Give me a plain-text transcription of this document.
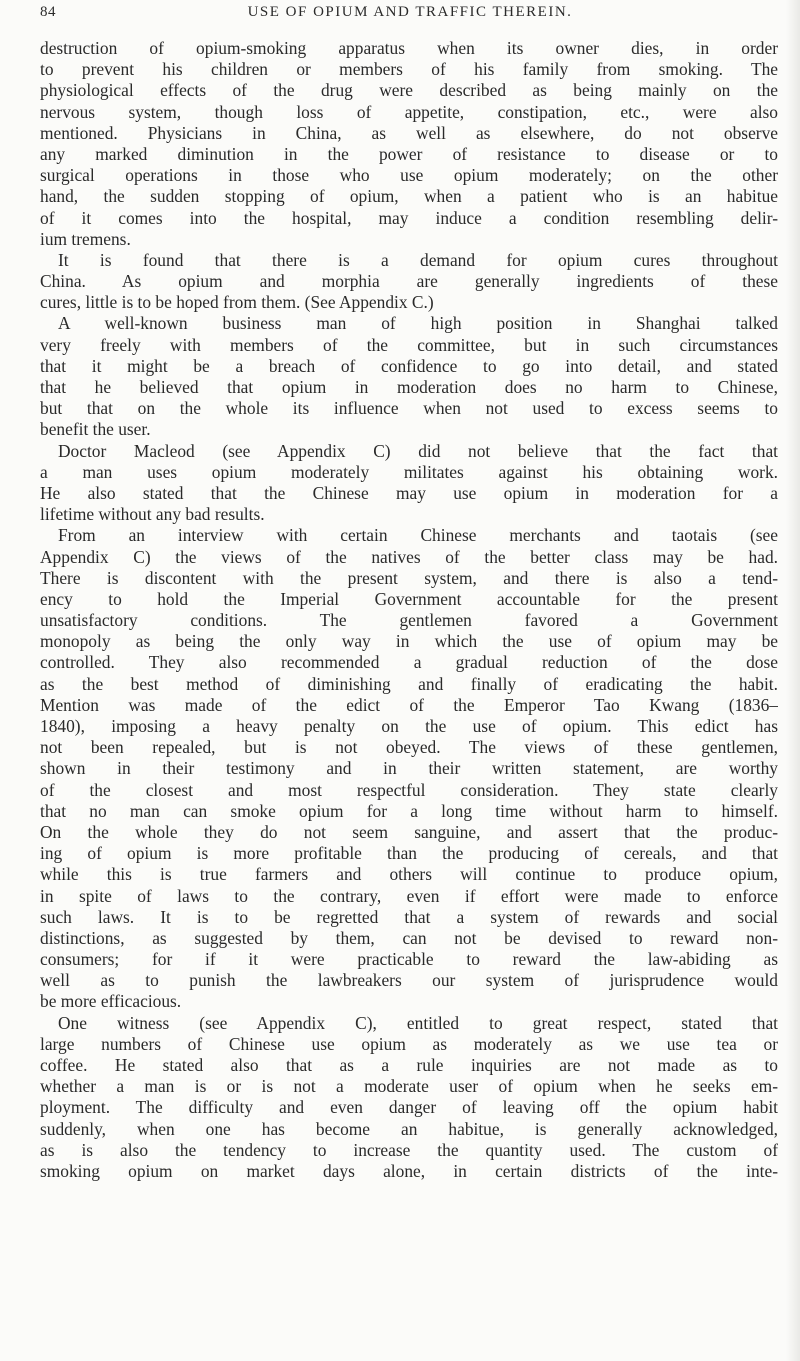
84	USE OF OPIUM AND TRAFFIC THEREIN.
destruction of opium-smoking apparatus when its owner dies, in order
to prevent his children or members of his family from smoking. The
physiological effects of the drug were described as being mainly on the
nervous system, though loss of appetite, constipation, etc., were also
mentioned. Physicians in China, as well as elsewhere, do not observe
any marked diminution in the power of resistance to disease or to
surgical operations in those who use opium moderately; on the other
hand, the sudden stopping of opium, when a patient who is an habitue
of it comes into the hospital, may induce a condition resembling delir-
ium tremens.
It is found that there is a demand for opium cures throughout
China. As opium and morphia are generally ingredients of these
cures, little is to be hoped from them. (See Appendix C.)
A well-known business man of high position in Shanghai talked
very freely with members of the committee, but in such circumstances
that it might be a breach of confidence to go into detail, and stated
that he believed that opium in moderation does no harm to Chinese,
but that on the whole its influence when not used to excess seems to
benefit the user.
Doctor Macleod (see Appendix C) did not believe that the fact that
a man uses opium moderately militates against his obtaining work.
He also stated that the Chinese may use opium in moderation for a
lifetime without any bad results.
From an interview with certain Chinese merchants and taotais (see
Appendix C) the views of the natives of the better class may be had.
There is discontent with the present system, and there is also a tend-
ency to hold the Imperial Government accountable for the present
unsatisfactory conditions. The gentlemen favored a Government
monopoly as being the only way in which the use of opium may be
controlled. They also recommended a gradual reduction of the dose
as the best method of diminishing and finally of eradicating the habit.
Mention was made of the edict of the Emperor Tao Kwang (1836–
1840), imposing a heavy penalty on the use of opium. This edict has
not been repealed, but is not obeyed. The views of these gentlemen,
shown in their testimony and in their written statement, are worthy
of the closest and most respectful consideration. They state clearly
that no man can smoke opium for a long time without harm to himself.
On the whole they do not seem sanguine, and assert that the produc-
ing of opium is more profitable than the producing of cereals, and that
while this is true farmers and others will continue to produce opium,
in spite of laws to the contrary, even if effort were made to enforce
such laws. It is to be regretted that a system of rewards and social
distinctions, as suggested by them, can not be devised to reward non-
consumers; for if it were practicable to reward the law-abiding as
well as to punish the lawbreakers our system of jurisprudence would
be more efficacious.
One witness (see Appendix C), entitled to great respect, stated that
large numbers of Chinese use opium as moderately as we use tea or
coffee. He stated also that as a rule inquiries are not made as to
whether a man is or is not a moderate user of opium when he seeks em-
ployment. The difficulty and even danger of leaving off the opium habit
suddenly, when one has become an habitue, is generally acknowledged,
as is also the tendency to increase the quantity used. The custom of
smoking opium on market days alone, in certain districts of the inte-
